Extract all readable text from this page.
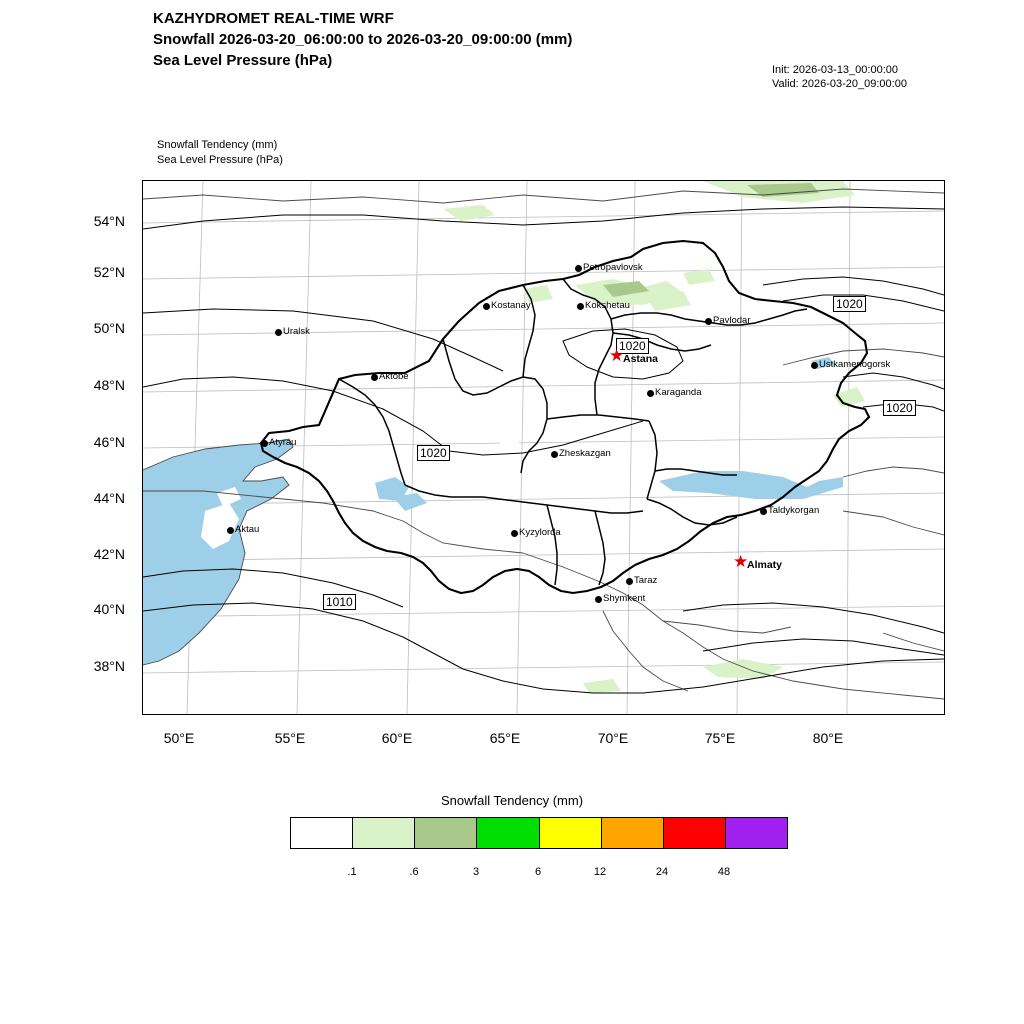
KAZHYDROMET REAL-TIME WRF
Snowfall 2026-03-20_06:00:00 to 2026-03-20_09:00:00 (mm)
Sea Level Pressure (hPa)
Init: 2026-03-13_00:00:00
Valid: 2026-03-20_09:00:00
Snowfall Tendency (mm)
Sea Level Pressure (hPa)
54°N
52°N
50°N
48°N
46°N
44°N
42°N
40°N
38°N
50°E	55°E	60°E	65°E	70°E	75°E	80°E
1020
1020
1020
1020
1010
Petropavlovsk
Kostanay	Kokshetau
Pavlodar
Uralsk
★
Astana	Ustkamenogorsk
Aktobe
Karaganda
Atyrau
Zheskazgan
Taldykorgan
Aktau	Kyzylorda
★
Almaty
Taraz
Shymkent
Snowfall Tendency (mm)
.1	.6	3	6	12	24	48
